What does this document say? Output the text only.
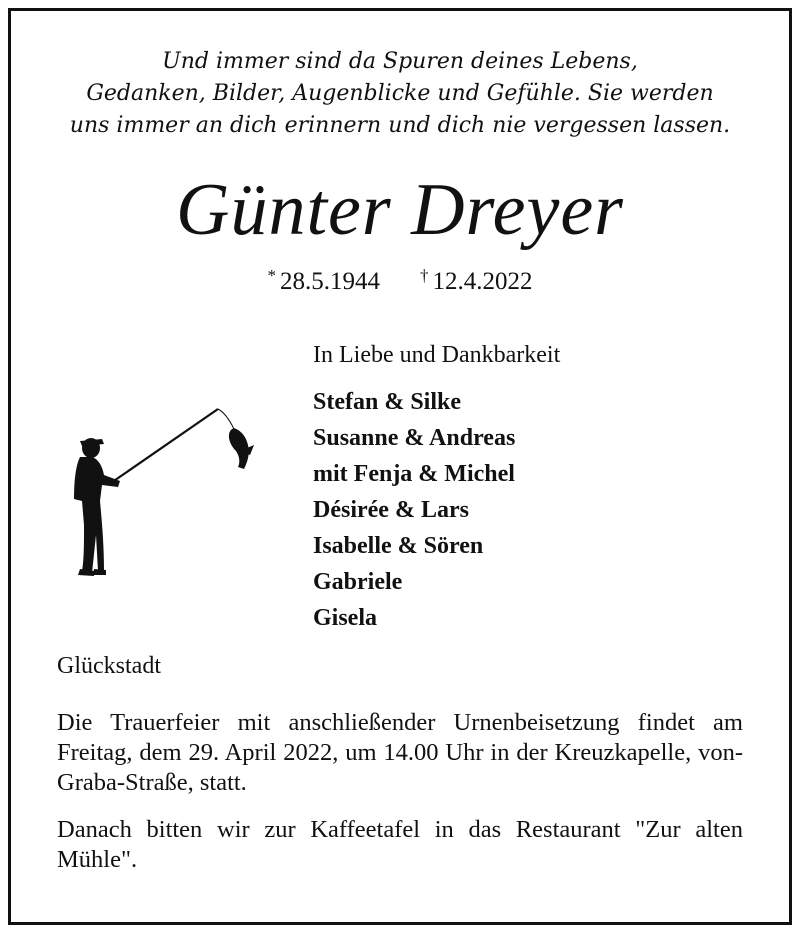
Und immer sind da Spuren deines Lebens,
Gedanken, Bilder, Augenblicke und Gefühle. Sie werden
uns immer an dich erinnern und dich nie vergessen lassen.
Günter Dreyer
* 28.5.1944 † 12.4.2022
In Liebe und Dankbarkeit
Stefan & Silke
Susanne & Andreas
mit Fenja & Michel
Désirée & Lars
Isabelle & Sören
Gabriele
Gisela
Glückstadt
Die Trauerfeier mit anschließender Urnenbeisetzung findet am Freitag, dem 29. April 2022, um 14.00 Uhr in der Kreuzkapelle, von-Graba-Straße, statt.
Danach bitten wir zur Kaffeetafel in das Restaurant "Zur alten Mühle".
